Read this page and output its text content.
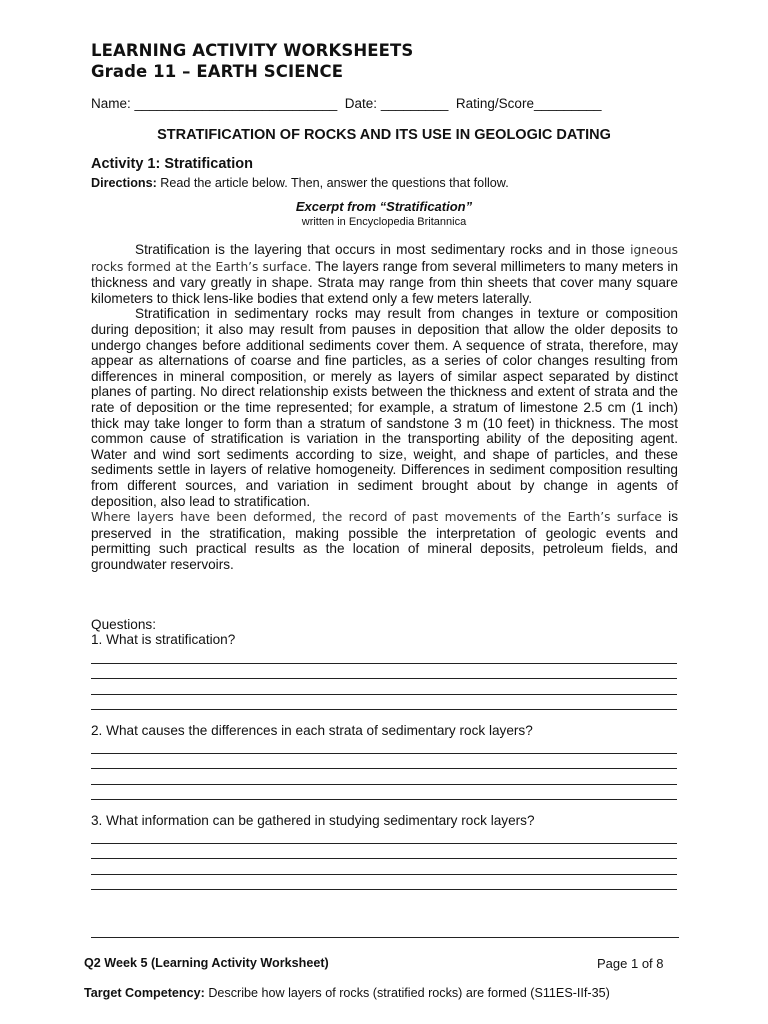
LEARNING ACTIVITY WORKSHEETS
Grade 11 – EARTH SCIENCE
Name: ___________________________ Date: _________ Rating/Score_________
STRATIFICATION OF ROCKS AND ITS USE IN GEOLOGIC DATING
Activity 1: Stratification
Directions: Read the article below. Then, answer the questions that follow.
Excerpt from “Stratification”
written in Encyclopedia Britannica

Stratification is the layering that occurs in most sedimentary rocks and in those igneous rocks formed at the Earth’s surface. The layers range from several millimeters to many meters in thickness and vary greatly in shape. Strata may range from thin sheets that cover many square kilometers to thick lens-like bodies that extend only a few meters laterally.

Stratification in sedimentary rocks may result from changes in texture or composition during deposition; it also may result from pauses in deposition that allow the older deposits to undergo changes before additional sediments cover them. A sequence of strata, therefore, may appear as alternations of coarse and fine particles, as a series of color changes resulting from differences in mineral composition, or merely as layers of similar aspect separated by distinct planes of parting. No direct relationship exists between the thickness and extent of strata and the rate of deposition or the time represented; for example, a stratum of limestone 2.5 cm (1 inch) thick may take longer to form than a stratum of sandstone 3 m (10 feet) in thickness. The most common cause of stratification is variation in the transporting ability of the depositing agent. Water and wind sort sediments according to size, weight, and shape of particles, and these sediments settle in layers of relative homogeneity. Differences in sediment composition resulting from different sources, and variation in sediment brought about by change in agents of deposition, also lead to stratification.

Where layers have been deformed, the record of past movements of the Earth’s surface is preserved in the stratification, making possible the interpretation of geologic events and permitting such practical results as the location of mineral deposits, petroleum fields, and groundwater reservoirs.

Questions:
1. What is stratification?
2. What causes the differences in each strata of sedimentary rock layers?
3. What information can be gathered in studying sedimentary rock layers?
Q2 Week 5 (Learning Activity Worksheet)	Page 1 of 8
Target Competency: Describe how layers of rocks (stratified rocks) are formed (S11ES-IIf-35)
